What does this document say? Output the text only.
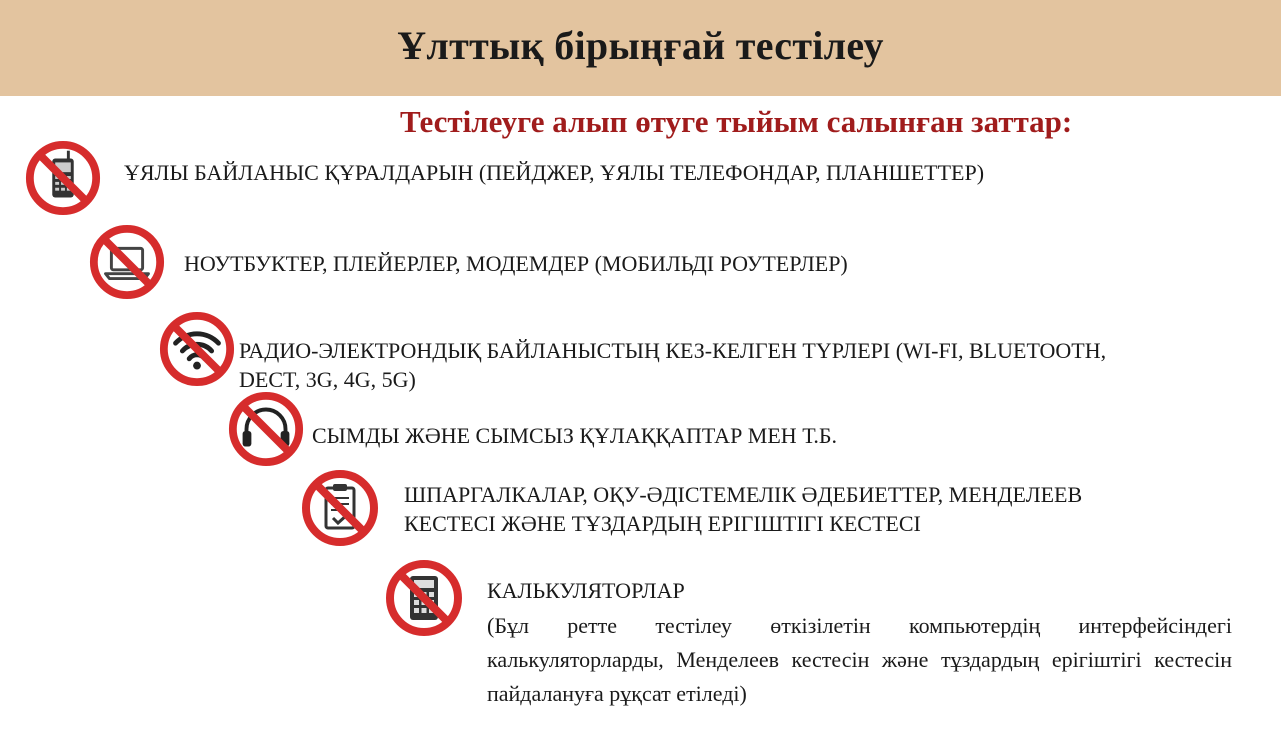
Ұлттық бірыңғай тестілеу
Тестілеуге алып өтуге тыйым салынған заттар:
ҰЯЛЫ БАЙЛАНЫС ҚҰРАЛДАРЫН (ПЕЙДЖЕР, ҰЯЛЫ ТЕЛЕФОНДАР, ПЛАНШЕТТЕР)
НОУТБУКТЕР, ПЛЕЙЕРЛЕР, МОДЕМДЕР (МОБИЛЬДІ РОУТЕРЛЕР)
РАДИО-ЭЛЕКТРОНДЫҚ БАЙЛАНЫСТЫҢ КЕЗ-КЕЛГЕН ТҮРЛЕРІ (WI-FI, BLUETOOTH,
DECT, 3G, 4G, 5G)
СЫМДЫ ЖӘНЕ СЫМСЫЗ ҚҰЛАҚҚАПТАР МЕН Т.Б.
ШПАРГАЛКАЛАР, ОҚУ-ӘДІСТЕМЕЛІК ӘДЕБИЕТТЕР, МЕНДЕЛЕЕВ
КЕСТЕСІ ЖӘНЕ ТҰЗДАРДЫҢ ЕРІГІШТІГІ КЕСТЕСІ
КАЛЬКУЛЯТОРЛАР
(Бұл ретте тестілеу өткізілетін компьютердің интерфейсіндегі калькуляторларды, Менделеев кестесін және тұздардың ерігіштігі кестесін пайдалануға рұқсат етіледі)
